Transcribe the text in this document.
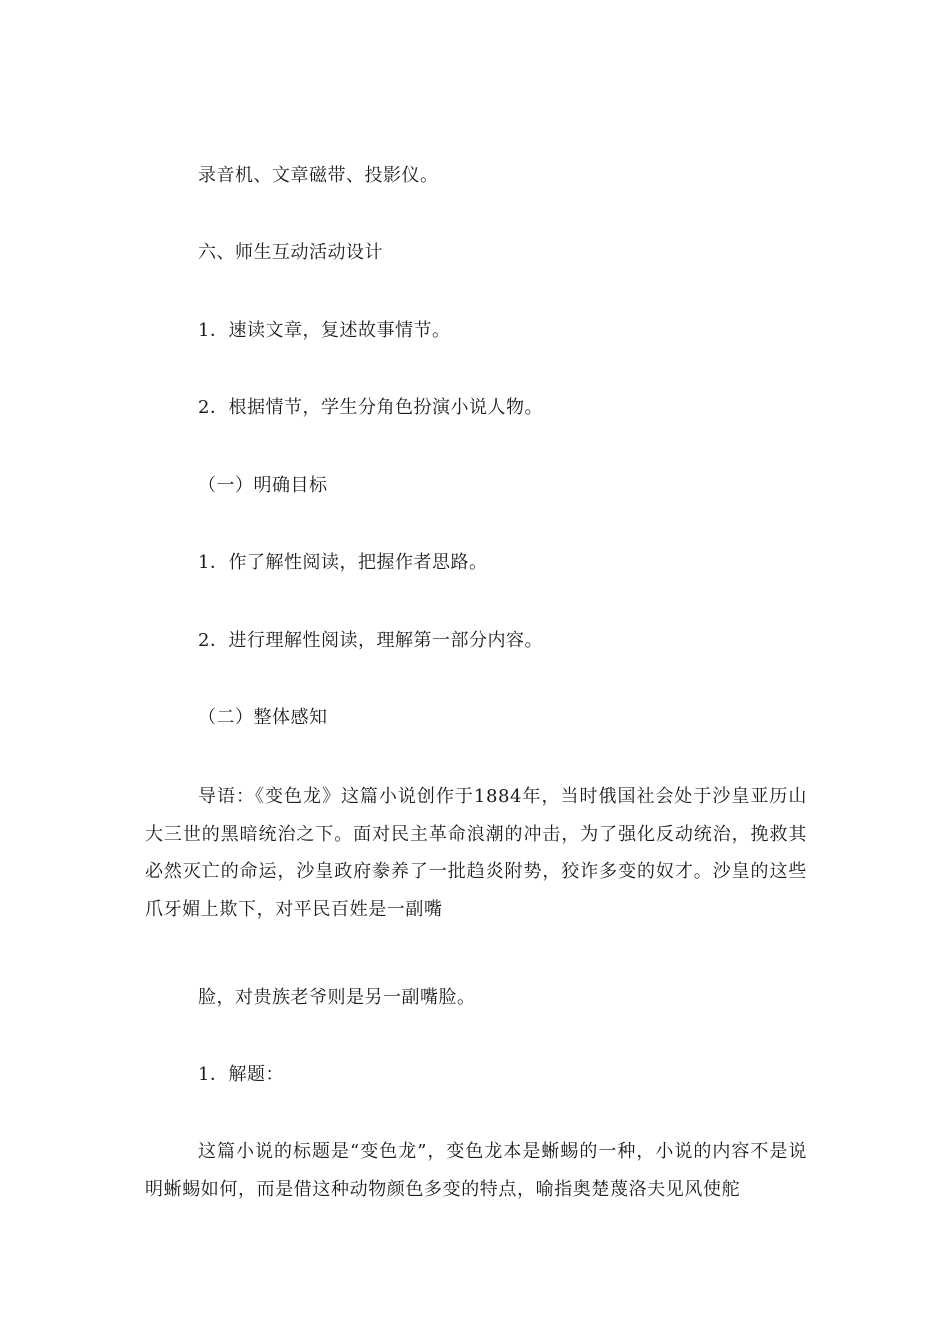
录音机、文章磁带、投影仪。
六、师生互动活动设计
1．速读文章，复述故事情节。
2．根据情节，学生分角色扮演小说人物。
（一）明确目标
1．作了解性阅读，把握作者思路。
2．进行理解性阅读，理解第一部分内容。
（二）整体感知
导语：《变色龙》这篇小说创作于1884年，当时俄国社会处于沙皇亚历山大三世的黑暗统治之下。面对民主革命浪潮的冲击，为了强化反动统治，挽救其必然灭亡的命运，沙皇政府豢养了一批趋炎附势，狡诈多变的奴才。沙皇的这些爪牙媚上欺下，对平民百姓是一副嘴
脸，对贵族老爷则是另一副嘴脸。
1．解题：
这篇小说的标题是“变色龙”，变色龙本是蜥蜴的一种，小说的内容不是说明蜥蜴如何，而是借这种动物颜色多变的特点，喻指奥楚蔑洛夫见风使舵
